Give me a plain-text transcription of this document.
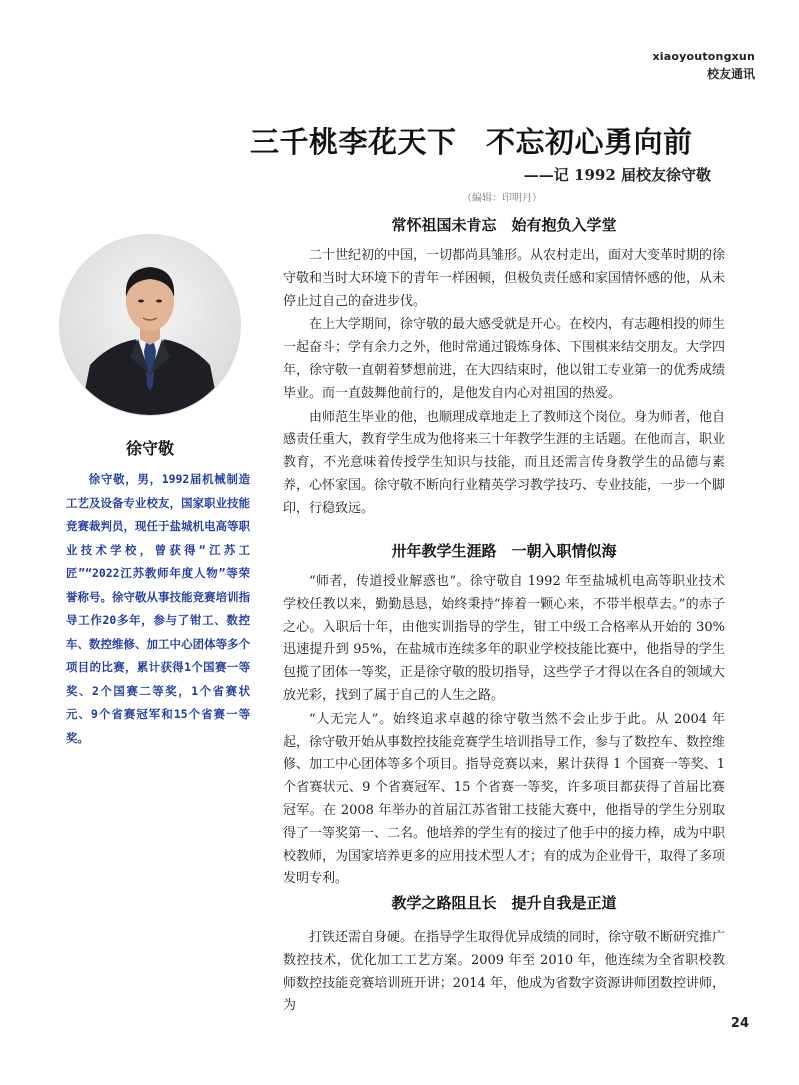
xiaoyoutongxun
校友通讯
三千桃李花天下　不忘初心勇向前
——记 1992 届校友徐守敬
（编辑：印明月）
徐守敬

徐守敬，男，1992届机械制造工艺及设备专业校友，国家职业技能竞赛裁判员，现任于盐城机电高等职业技术学校，曾获得“江苏工匠”“2022江苏教师年度人物”等荣誉称号。徐守敬从事技能竞赛培训指导工作20多年，参与了钳工、数控车、数控维修、加工中心团体等多个项目的比赛，累计获得1个国赛一等奖、2个国赛二等奖，1个省赛状元、9个省赛冠军和15个省赛一等奖。

常怀祖国未肯忘　始有抱负入学堂

二十世纪初的中国，一切都尚具雏形。从农村走出，面对大变革时期的徐守敬和当时大环境下的青年一样困顿，但极负责任感和家国情怀感的他，从未停止过自己的奋进步伐。

在上大学期间，徐守敬的最大感受就是开心。在校内，有志趣相投的师生一起奋斗；学有余力之外，他时常通过锻炼身体、下围棋来结交朋友。大学四年，徐守敬一直朝着梦想前进，在大四结束时，他以钳工专业第一的优秀成绩毕业。而一直鼓舞他前行的，是他发自内心对祖国的热爱。

由师范生毕业的他，也顺理成章地走上了教师这个岗位。身为师者，他自感责任重大，教育学生成为他将来三十年教学生涯的主话题。在他而言，职业教育，不光意味着传授学生知识与技能，而且还需言传身教学生的品德与素养，心怀家国。徐守敬不断向行业精英学习教学技巧、专业技能，一步一个脚印，行稳致远。

卅年教学生涯路　一朝入职情似海

“师者，传道授业解惑也”。徐守敬自 1992 年至盐城机电高等职业技术学校任教以来，勤勤恳恳，始终秉持“捧着一颗心来，不带半根草去。”的赤子之心。入职后十年，由他实训指导的学生，钳工中级工合格率从开始的 30% 迅速提升到 95%，在盐城市连续多年的职业学校技能比赛中，他指导的学生包揽了团体一等奖，正是徐守敬的股切指导，这些学子才得以在各自的领域大放光彩，找到了属于自己的人生之路。

“人无完人”。始终追求卓越的徐守敬当然不会止步于此。从 2004 年起，徐守敬开始从事数控技能竞赛学生培训指导工作，参与了数控车、数控维修、加工中心团体等多个项目。指导竞赛以来，累计获得 1 个国赛一等奖、1 个省赛状元、9 个省赛冠军、15 个省赛一等奖，许多项目都获得了首届比赛冠军。在 2008 年举办的首届江苏省钳工技能大赛中，他指导的学生分别取得了一等奖第一、二名。他培养的学生有的接过了他手中的接力棒，成为中职校教师，为国家培养更多的应用技术型人才；有的成为企业骨干，取得了多项发明专利。

教学之路阻且长　提升自我是正道

打铁还需自身硬。在指导学生取得优异成绩的同时，徐守敬不断研究推广数控技术，优化加工工艺方案。2009 年至 2010 年，他连续为全省职校教师数控技能竞赛培训班开讲；2014 年，他成为省数字资源讲师团数控讲师，为

24
